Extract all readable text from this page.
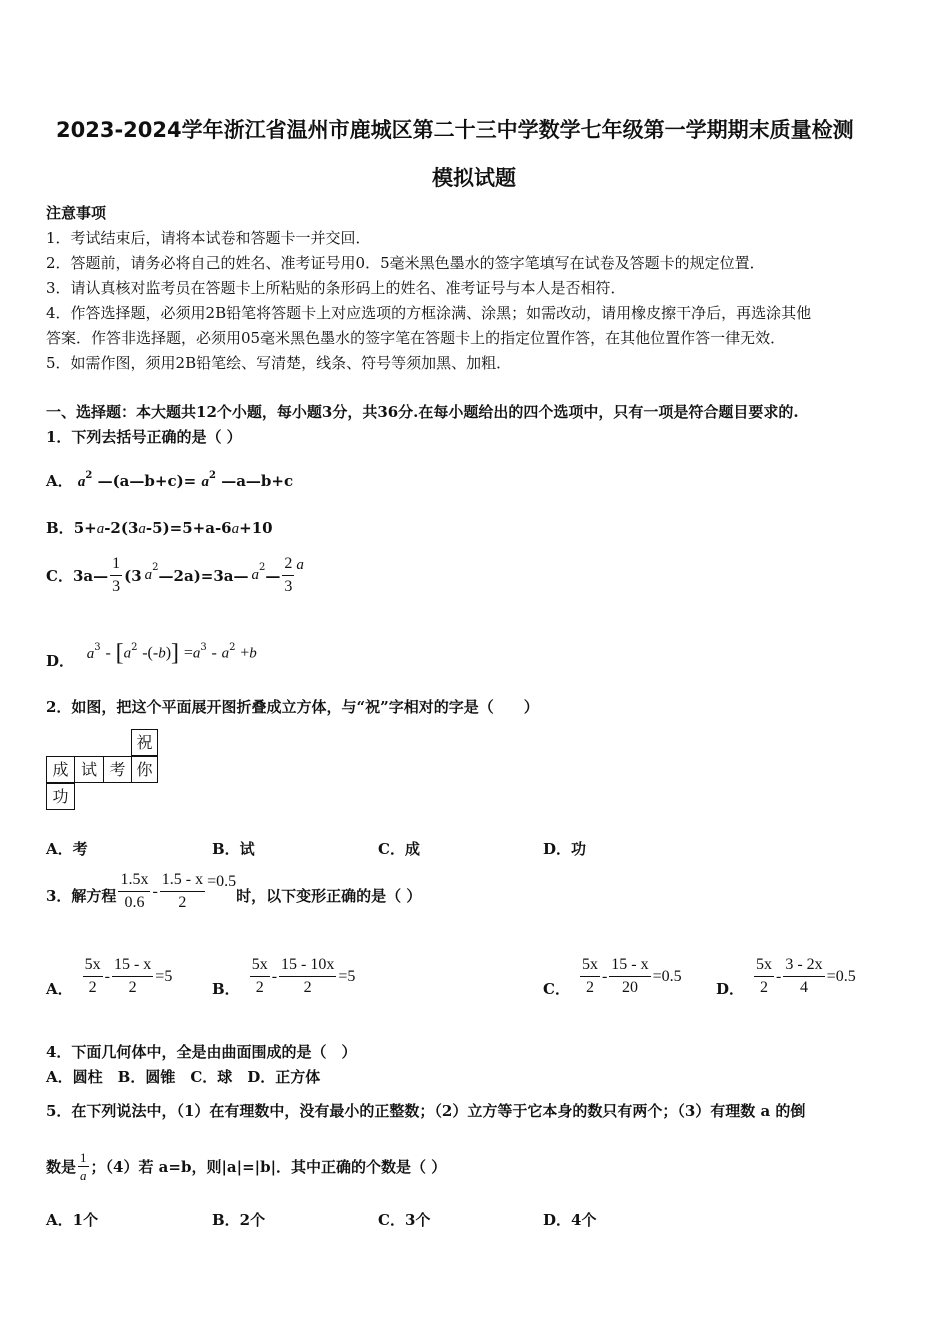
2023-2024学年浙江省温州市鹿城区第二十三中学数学七年级第一学期期末质量检测
模拟试题
注意事项
1．考试结束后，请将本试卷和答题卡一并交回．
2．答题前，请务必将自己的姓名、准考证号用0．5毫米黑色墨水的签字笔填写在试卷及答题卡的规定位置．
3．请认真核对监考员在答题卡上所粘贴的条形码上的姓名、准考证号与本人是否相符．
4．作答选择题，必须用2B铅笔将答题卡上对应选项的方框涂满、涂黑；如需改动，请用橡皮擦干净后，再选涂其他
答案．作答非选择题，必须用05毫米黑色墨水的签字笔在答题卡上的指定位置作答，在其他位置作答一律无效．
5．如需作图，须用2B铅笔绘、写清楚，线条、符号等须加黑、加粗．
一、选择题：本大题共12个小题，每小题3分，共36分.在每小题给出的四个选项中，只有一项是符合题目要求的.
1．下列去括号正确的是（ ）
A． $a^2$ —(a—b+c)= $a^2$ —a—b+c
B．5+a-2(3a-5)=5+a-6a+10
C． 3a— $\frac{1}{3} (3$ a 2 —2a)=3a— a 2 — $\frac{2}{3}$ a
D． $a^3 - [a^2$ $-(-b)] =a^3 - a^2 +b$
2．如图，把这个平面展开图折叠成立方体，与“祝”字相对的字是（　　）
祝
成 试 考 你
功
A．考	B．试	C．成	D．功
3．解方程 $\frac{1.5x}{0.6} - \frac{1.5 - x}{2} =0.5$
时，以下变形正确的是（ ）
A． $\frac{5x}{2} - \frac{15 - x}{2} =5$
B． $\frac{5x}{2} - \frac{15 - 10x}{2} =5$
C． $\frac{5x}{2} - \frac{15 - x}{20} =0.5$
D． $\frac{5x}{2} - \frac{3 - 2x}{4} =0.5$
4．下面几何体中，全是由曲面围成的是（　）
A．圆柱　B．圆锥　C．球　D．正方体
5．在下列说法中，（1）在有理数中，没有最小的正整数；（2）立方等于它本身的数只有两个；（3）有理数 a 的倒
数是 $\frac{1}{a}$ ；（4）若 a=b，则|a|=|b|．其中正确的个数是（ ）
A．1个	B．2个	C．3个	D．4个
